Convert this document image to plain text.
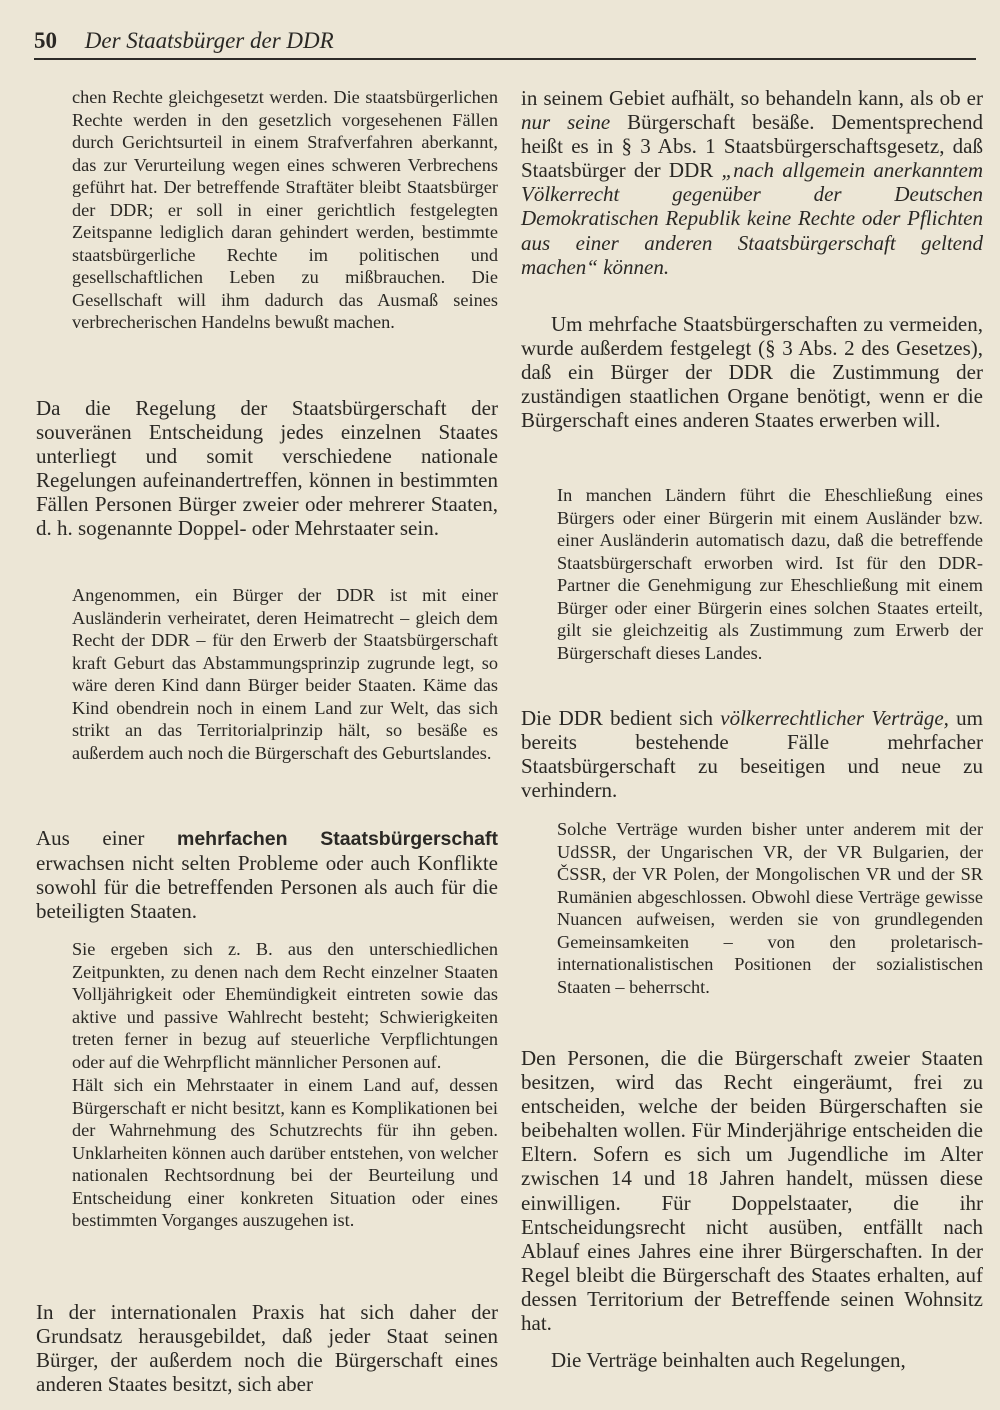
50 Der Staatsbürger der DDR

chen Rechte gleichgesetzt werden. Die staatsbürgerlichen Rechte werden in den gesetzlich vorgesehenen Fällen durch Gerichtsurteil in einem Strafverfahren aberkannt, das zur Verurteilung wegen eines schweren Verbrechens geführt hat. Der betreffende Straftäter bleibt Staatsbürger der DDR; er soll in einer gerichtlich festgelegten Zeitspanne lediglich daran gehindert werden, bestimmte staatsbürgerliche Rechte im politischen und gesellschaftlichen Leben zu mißbrauchen. Die Gesellschaft will ihm dadurch das Ausmaß seines verbrecherischen Handelns bewußt machen.

Da die Regelung der Staatsbürgerschaft der souveränen Entscheidung jedes einzelnen Staates unterliegt und somit verschiedene nationale Regelungen aufeinandertreffen, können in bestimmten Fällen Personen Bürger zweier oder mehrerer Staaten, d. h. sogenannte Doppel- oder Mehrstaater sein.

Angenommen, ein Bürger der DDR ist mit einer Ausländerin verheiratet, deren Heimatrecht – gleich dem Recht der DDR – für den Erwerb der Staatsbürgerschaft kraft Geburt das Abstammungsprinzip zugrunde legt, so wäre deren Kind dann Bürger beider Staaten. Käme das Kind obendrein noch in einem Land zur Welt, das sich strikt an das Territorialprinzip hält, so besäße es außerdem auch noch die Bürgerschaft des Geburtslandes.

Aus einer mehrfachen Staatsbürgerschaft erwachsen nicht selten Probleme oder auch Konflikte sowohl für die betreffenden Personen als auch für die beteiligten Staaten.

Sie ergeben sich z. B. aus den unterschiedlichen Zeitpunkten, zu denen nach dem Recht einzelner Staaten Volljährigkeit oder Ehemündigkeit eintreten sowie das aktive und passive Wahlrecht besteht; Schwierigkeiten treten ferner in bezug auf steuerliche Verpflichtungen oder auf die Wehrpflicht männlicher Personen auf.

Hält sich ein Mehrstaater in einem Land auf, dessen Bürgerschaft er nicht besitzt, kann es Komplikationen bei der Wahrnehmung des Schutzrechts für ihn geben. Unklarheiten können auch darüber entstehen, von welcher nationalen Rechtsordnung bei der Beurteilung und Entscheidung einer konkreten Situation oder eines bestimmten Vorganges auszugehen ist.

In der internationalen Praxis hat sich daher der Grundsatz herausgebildet, daß jeder Staat seinen Bürger, der außerdem noch die Bürgerschaft eines anderen Staates besitzt, sich aber

in seinem Gebiet aufhält, so behandeln kann, als ob er nur seine Bürgerschaft besäße. Dementsprechend heißt es in § 3 Abs. 1 Staatsbürgerschaftsgesetz, daß Staatsbürger der DDR „nach allgemein anerkanntem Völkerrecht gegenüber der Deutschen Demokratischen Republik keine Rechte oder Pflichten aus einer anderen Staatsbürgerschaft geltend machen“ können.

Um mehrfache Staatsbürgerschaften zu vermeiden, wurde außerdem festgelegt (§ 3 Abs. 2 des Gesetzes), daß ein Bürger der DDR die Zustimmung der zuständigen staatlichen Organe benötigt, wenn er die Bürgerschaft eines anderen Staates erwerben will.

In manchen Ländern führt die Eheschließung eines Bürgers oder einer Bürgerin mit einem Ausländer bzw. einer Ausländerin automatisch dazu, daß die betreffende Staatsbürgerschaft erworben wird. Ist für den DDR-Partner die Genehmigung zur Eheschließung mit einem Bürger oder einer Bürgerin eines solchen Staates erteilt, gilt sie gleichzeitig als Zustimmung zum Erwerb der Bürgerschaft dieses Landes.

Die DDR bedient sich völkerrechtlicher Verträge, um bereits bestehende Fälle mehrfacher Staatsbürgerschaft zu beseitigen und neue zu verhindern.

Solche Verträge wurden bisher unter anderem mit der UdSSR, der Ungarischen VR, der VR Bulgarien, der ČSSR, der VR Polen, der Mongolischen VR und der SR Rumänien abgeschlossen. Obwohl diese Verträge gewisse Nuancen aufweisen, werden sie von grundlegenden Gemeinsamkeiten – von den proletarisch-internationalistischen Positionen der sozialistischen Staaten – beherrscht.

Den Personen, die die Bürgerschaft zweier Staaten besitzen, wird das Recht eingeräumt, frei zu entscheiden, welche der beiden Bürgerschaften sie beibehalten wollen. Für Minderjährige entscheiden die Eltern. Sofern es sich um Jugendliche im Alter zwischen 14 und 18 Jahren handelt, müssen diese einwilligen. Für Doppelstaater, die ihr Entscheidungsrecht nicht ausüben, entfällt nach Ablauf eines Jahres eine ihrer Bürgerschaften. In der Regel bleibt die Bürgerschaft des Staates erhalten, auf dessen Territorium der Betreffende seinen Wohnsitz hat.

Die Verträge beinhalten auch Regelungen,
